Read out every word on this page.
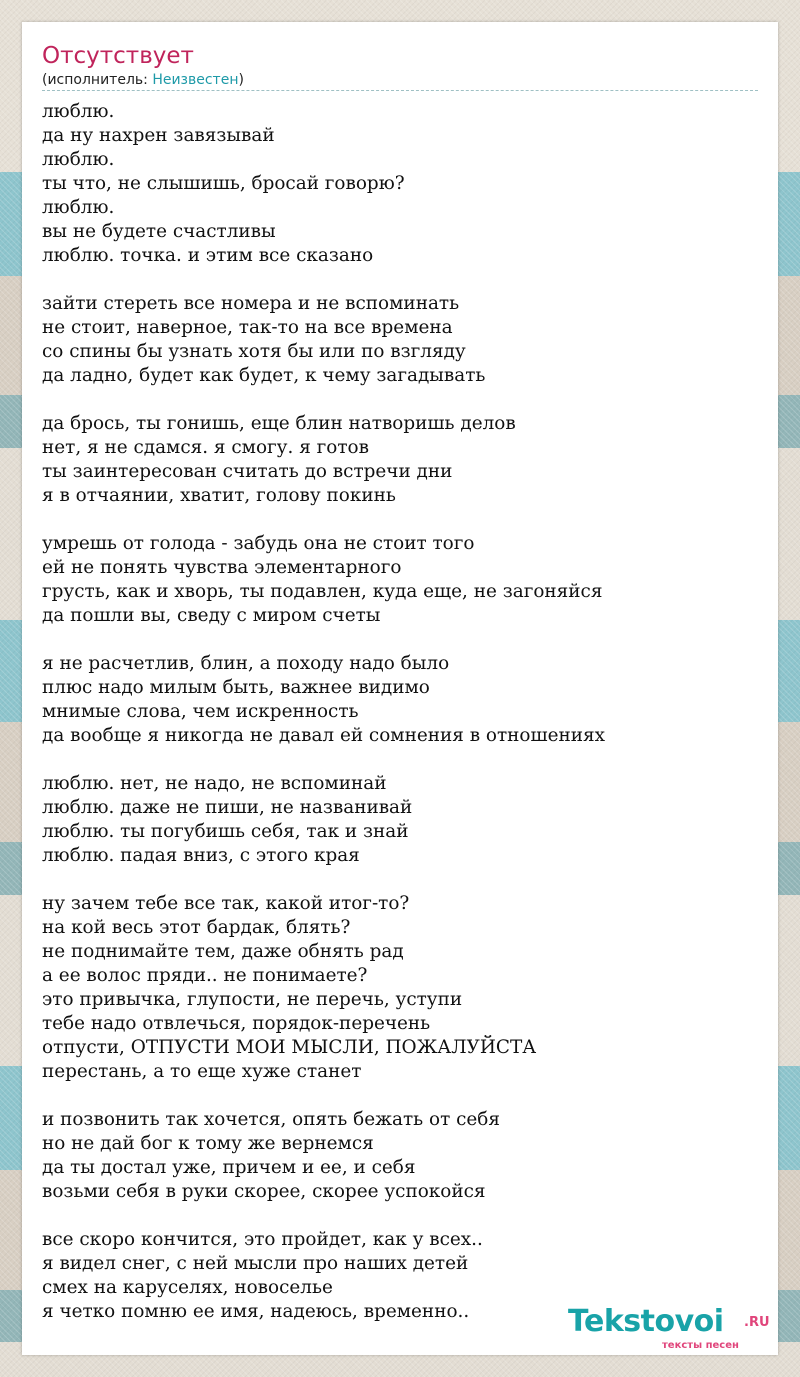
Отсутствует
(исполнитель: Неизвестен)
люблю.
да ну нахрен завязывай
люблю.
ты что, не слышишь, бросай говорю?
люблю.
вы не будете счастливы
люблю. точка. и этим все сказано
зайти стереть все номера и не вспоминать
не стоит, наверное, так-то на все времена
со спины бы узнать хотя бы или по взгляду
да ладно, будет как будет, к чему загадывать
да брось, ты гонишь, еще блин натворишь делов
нет, я не сдамся. я смогу. я готов
ты заинтересован считать до встречи дни
я в отчаянии, хватит, голову покинь
умрешь от голода - забудь она не стоит того
ей не понять чувства элементарного
грусть, как и хворь, ты подавлен, куда еще, не загоняйся
да пошли вы, сведу с миром счеты
я не расчетлив, блин, а походу надо было
плюс надо милым быть, важнее видимо
мнимые слова, чем искренность
да вообще я никогда не давал ей сомнения в отношениях
люблю. нет, не надо, не вспоминай
люблю. даже не пиши, не названивай
люблю. ты погубишь себя, так и знай
люблю. падая вниз, с этого края
ну зачем тебе все так, какой итог-то?
на кой весь этот бардак, блять?
не поднимайте тем, даже обнять рад
а ее волос пряди.. не понимаете?
это привычка, глупости, не перечь, уступи
тебе надо отвлечься, порядок-перечень
отпусти, ОТПУСТИ МОИ МЫСЛИ, ПОЖАЛУЙСТА
перестань, а то еще хуже станет
и позвонить так хочется, опять бежать от себя
но не дай бог к тому же вернемся
да ты достал уже, причем и ее, и себя
возьми себя в руки скорее, скорее успокойся
все скоро кончится, это пройдет, как у всех..
я видел снег, с ней мысли про наших детей
смех на каруселях, новоселье
я четко помню ее имя, надеюсь, временно..	Tekstovoi .RU
тексты песен
